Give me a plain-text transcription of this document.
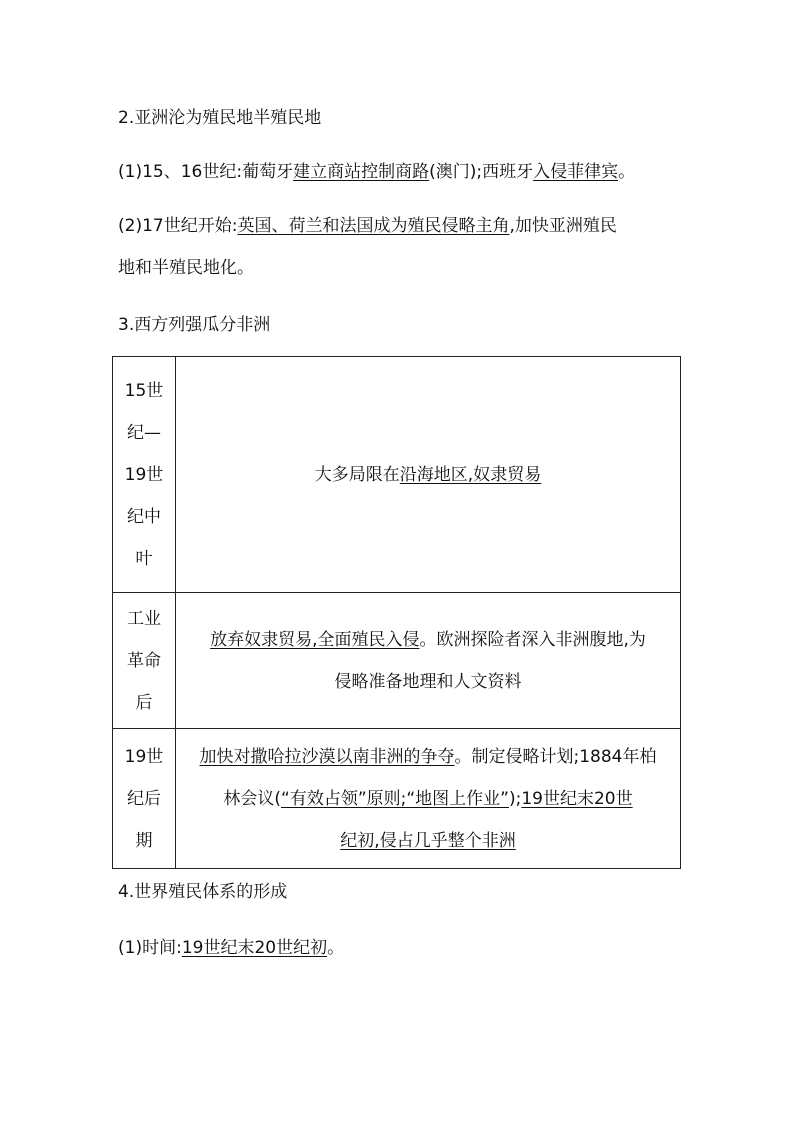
2.亚洲沦为殖民地半殖民地
(1)15、16世纪:葡萄牙建立商站控制商路(澳门);西班牙入侵菲律宾。
(2)17世纪开始:英国、荷兰和法国成为殖民侵略主角,加快亚洲殖民
地和半殖民地化。
3.西方列强瓜分非洲
15世
纪—
19世
纪中
叶	大多局限在沿海地区,奴隶贸易
工业
革命
后	放弃奴隶贸易,全面殖民入侵。欧洲探险者深入非洲腹地,为
侵略准备地理和人文资料
19世
纪后
期	加快对撒哈拉沙漠以南非洲的争夺。制定侵略计划;1884年柏
林会议(“有效占领”原则;“地图上作业”);19世纪末20世
纪初,侵占几乎整个非洲
4.世界殖民体系的形成
(1)时间:19世纪末20世纪初。
